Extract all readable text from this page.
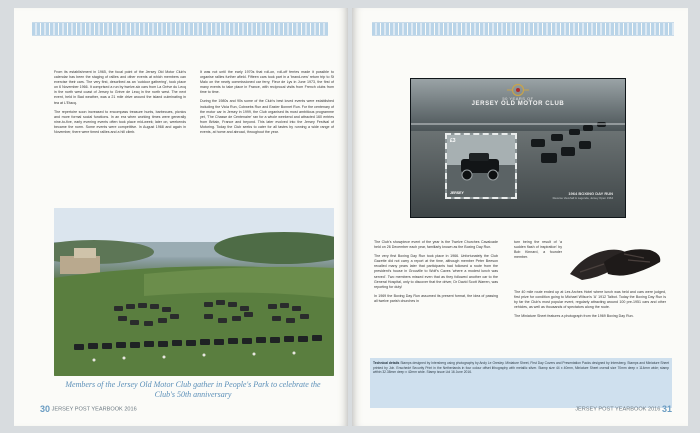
From its establishment in 1965, the focal point of the Jersey Old Motor Club's calendar has been the staging of rallies and other events at which members can exercise their cars. The very first, described as an 'outdoor gathering', took place on 6 November 1966. It comprised a run by twelve-six cars from La Grève du Lecq in the north west coast of Jersey to Grève de Lecq in the north west. The next event, held in Bad weather, was a 21 mile drive around the island culminating in tea at L'Etacq.

The repertoire soon increased to encompass treasure hunts, barbecues, picnics and more formal social functions. In an era when working times were generally nine-to-five, early evening events often took place mid-week; later on, weekends became the norm. Some events were competitive. In August 1968 and again in November, there were timed rallies and a hill climb.

It was not until the early 1970s that roll-on, roll-off ferries made it possible to organise rallies further afield. Fifteen cars took part in a 'brand-new' return trip to St Malo on the newly commissioned car ferry, Fleur de Lys in June 1973, the first of many events to take place in France, with reciprocal visits from French clubs from time to time.

During the 1980s and 90s some of the Club's best loved events were established including the Vicia Run, Cobwebs Run and Easter Bonnet Run. For the centenary of the motor car in Jersey in 1999, the Club organised its most ambitious programme yet, 'The Chasse de Centenaire' ran for a whole weekend and attracted 160 entries from Britain, France and beyond. This later evolved into the Jersey Festival of Motoring. Today the Club seeks to cater for all tastes by running a wide range of events, at home and abroad, throughout the year.

Members of the Jersey Old Motor Club gather in People's Park to celebrate the Club's 50th anniversary
30 JERSEY POST YEARBOOK 2016
50 YEARS OF
JERSEY OLD MOTOR CLUB
£3
JERSEY	1964 BOXING DAY RUN
Reverse Vauxhall & Lagonda, Jersey Open 1964

The Club's showpiece event of the year is the Twelve Churches Cavalcade held on 26 December each year, familiarly known as the Boxing Day Run.

The very first Boxing Day Run took place in 1966. Unfortunately the Club Gazette did not carry a report at the time, although member Peter Beeson recalled many years later that participants had followed a route from the president's house in Grouville to Wolf's Caves 'where a modest lunch was served'. Two members missed even that as they followed another car to the General Hospital, only to discover that the driver, Dr David Scott Warren, was reporting for duty!

In 1969 the Boxing Day Run assumed its present format, the idea of passing all twelve parish churches in

turn being the result of 'a sudden flash of inspiration' by Bob Kinnard, a founder member.

The 40 mile route ended up at Les Arches Hotel where lunch was held and cars were judged, first prize for condition going to Michael Wilson's 'A' 1912 Talbot. Today the Boxing Day Run is by far the Club's most popular event, regularly attracting around 100 pre-1951 cars and other vehicles, as well as thousands of spectators along the route.

The Miniature Sheet features a photograph from the 1969 Boxing Day Run.

Technical details Stamps designed by Intersberg using photography by Andy Le Gresley. Miniature Sheet, First Day Covers and Presentation Packs designed by Intersberg. Stamps and Miniature Sheet printed by Joh. Enschedé Security Print in the Netherlands in four colour offset lithography with metallic silver. Stamp size 44 x 40mm, Miniature Sheet overall size 70mm deep x 114mm wide; stamp within 32.38mm deep x 42mm wide. Stamp issue Ltd 16 June 2016.
JERSEY POST YEARBOOK 2016 31
